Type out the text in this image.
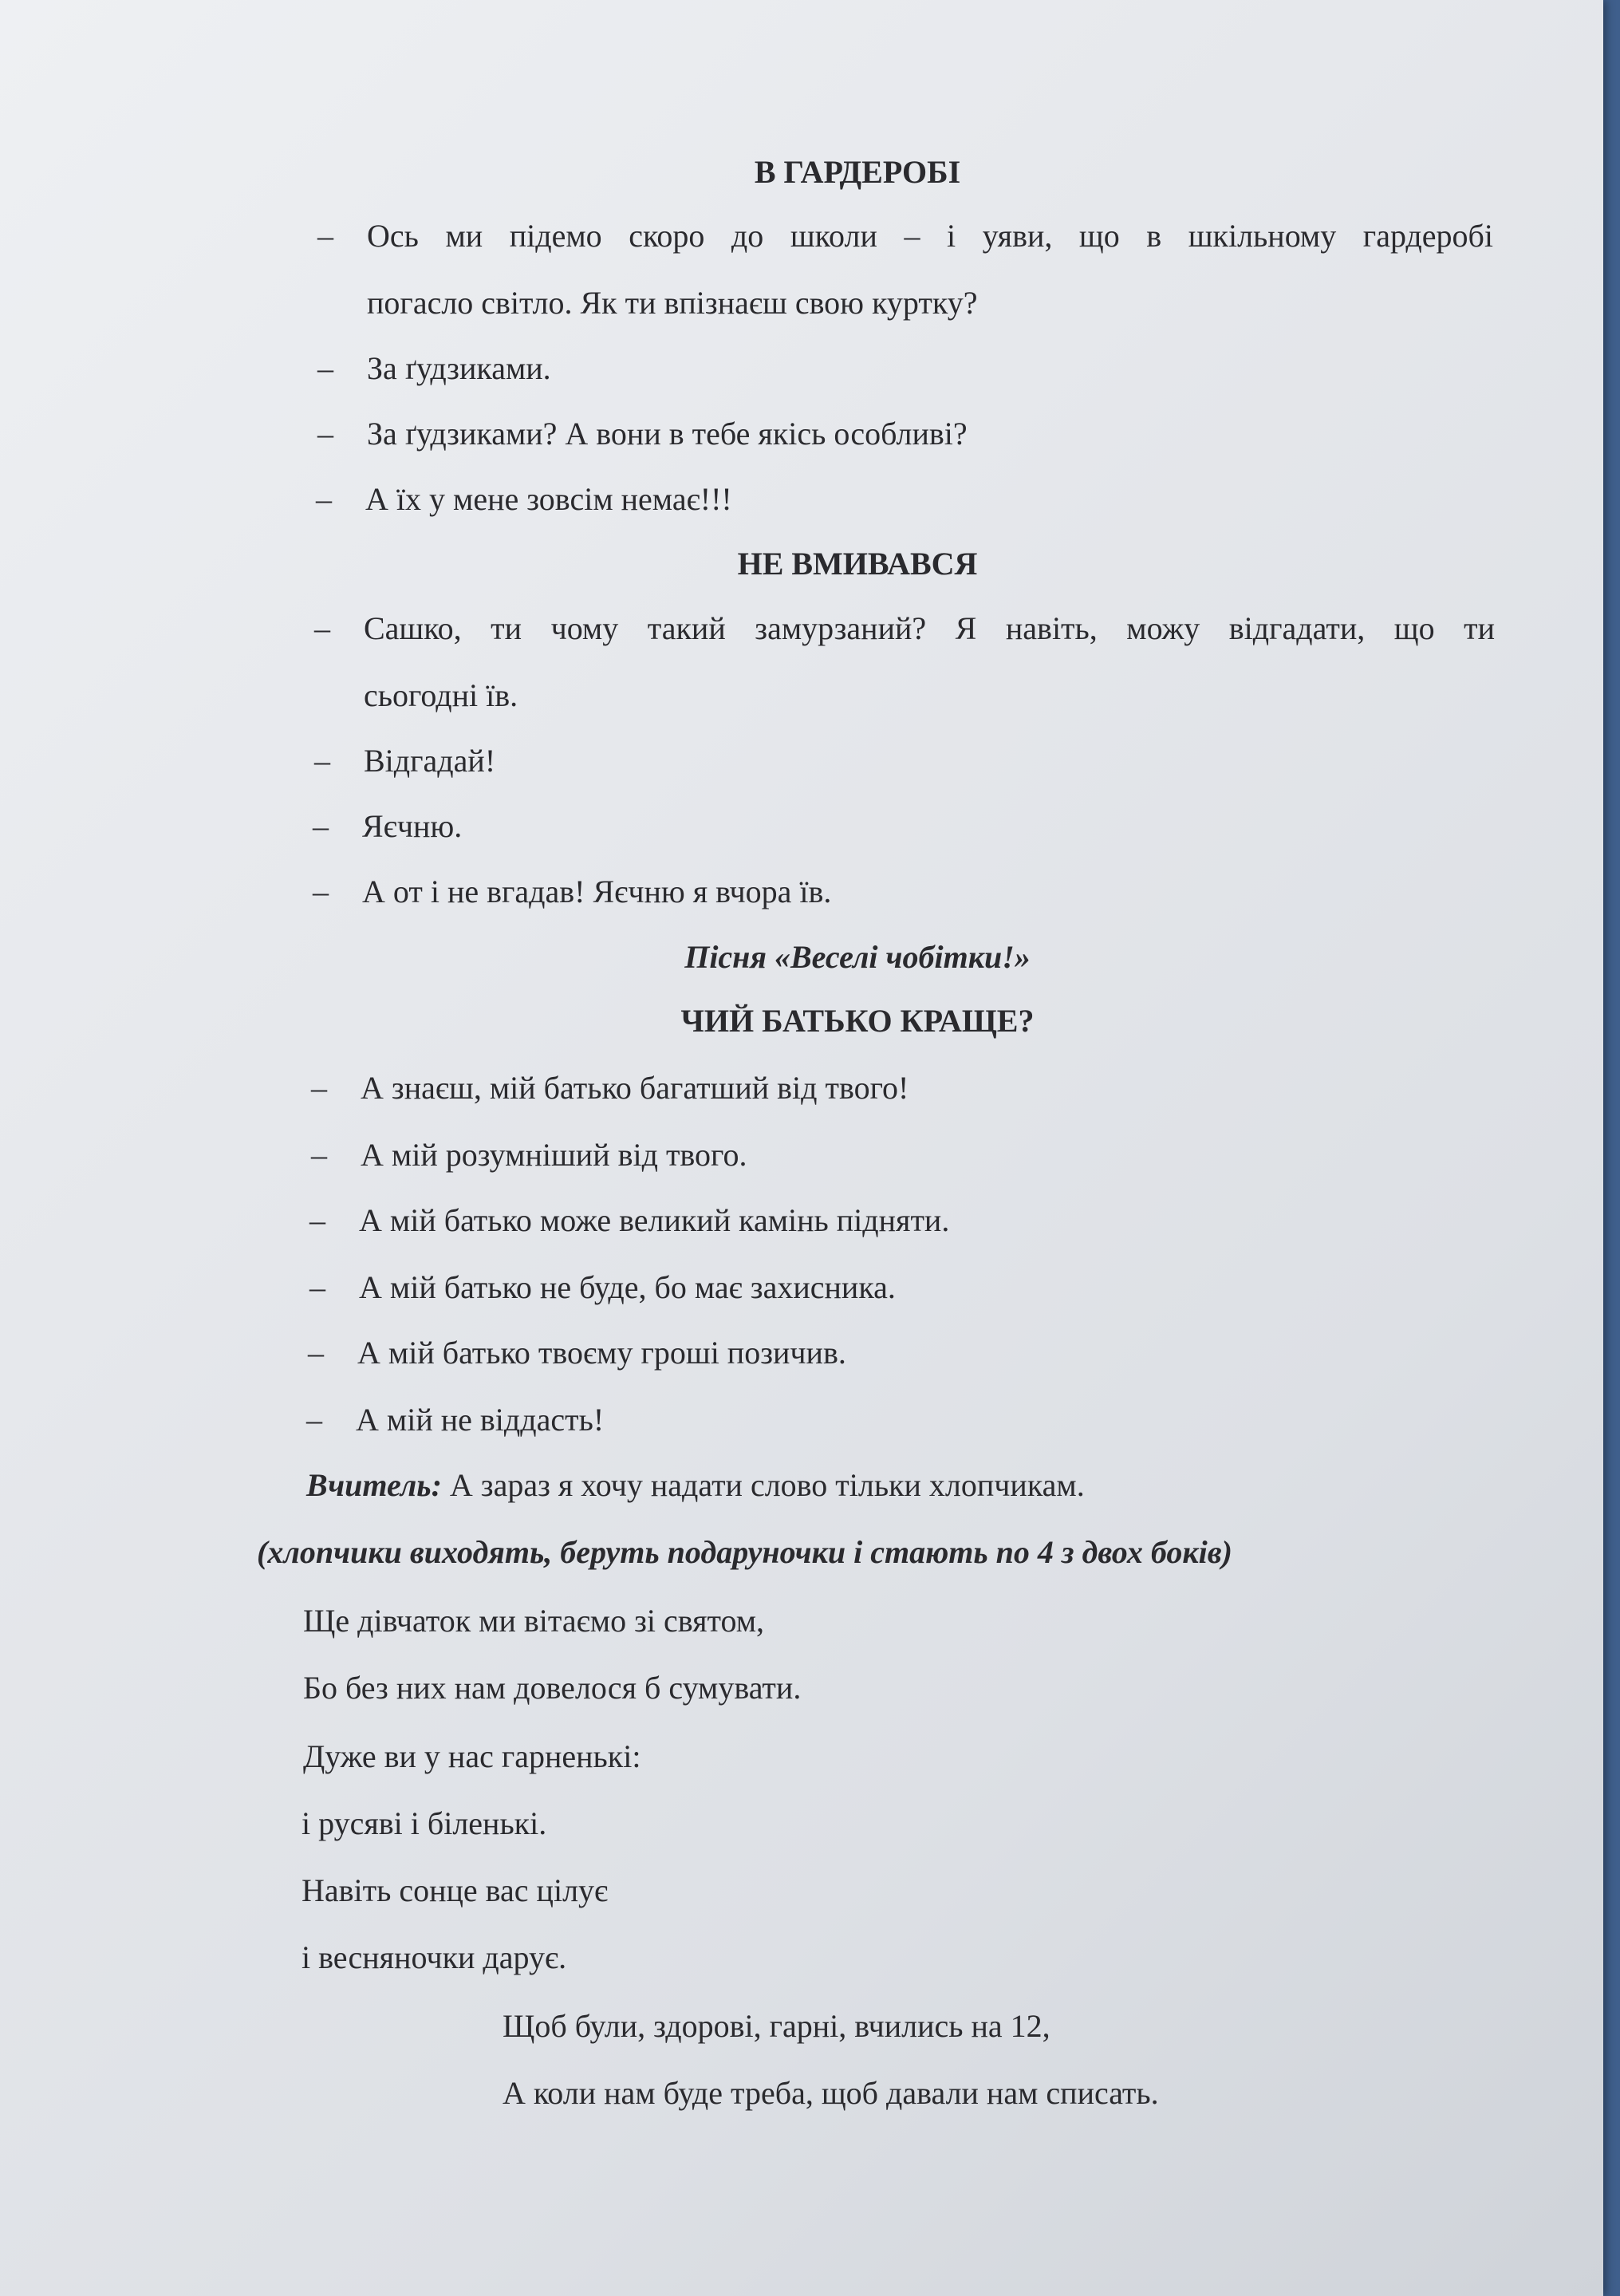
В ГАРДЕРОБІ
– Ось ми підемо скоро до школи – і уяви, що в шкільному гардеробі
погасло світло. Як ти впізнаєш свою куртку?
– За ґудзиками.
– За ґудзиками? А вони в тебе якісь особливі?
– А їх у мене зовсім немає!!!
НЕ ВМИВАВСЯ
– Сашко, ти чому такий замурзаний? Я навіть, можу відгадати, що ти
сьогодні їв.
– Відгадай!
– Яєчню.
– А от і не вгадав! Яєчню я вчора їв.
Пісня «Веселі чобітки!»
ЧИЙ БАТЬКО КРАЩЕ?
– А знаєш, мій батько багатший від твого!
– А мій розумніший від твого.
– А мій батько може великий камінь підняти.
– А мій батько не буде, бо має захисника.
– А мій батько твоєму гроші позичив.
– А мій не віддасть!
Вчитель: А зараз я хочу надати слово тільки хлопчикам.
(хлопчики виходять, беруть подаруночки і стають по 4 з двох боків)
Ще дівчаток ми вітаємо зі святом,
Бо без них нам довелося б сумувати.
Дуже ви у нас гарненькі:
і русяві і біленькі.
Навіть сонце вас цілує
і весняночки дарує.
Щоб були, здорові, гарні, вчились на 12,
А коли нам буде треба, щоб давали нам списать.
